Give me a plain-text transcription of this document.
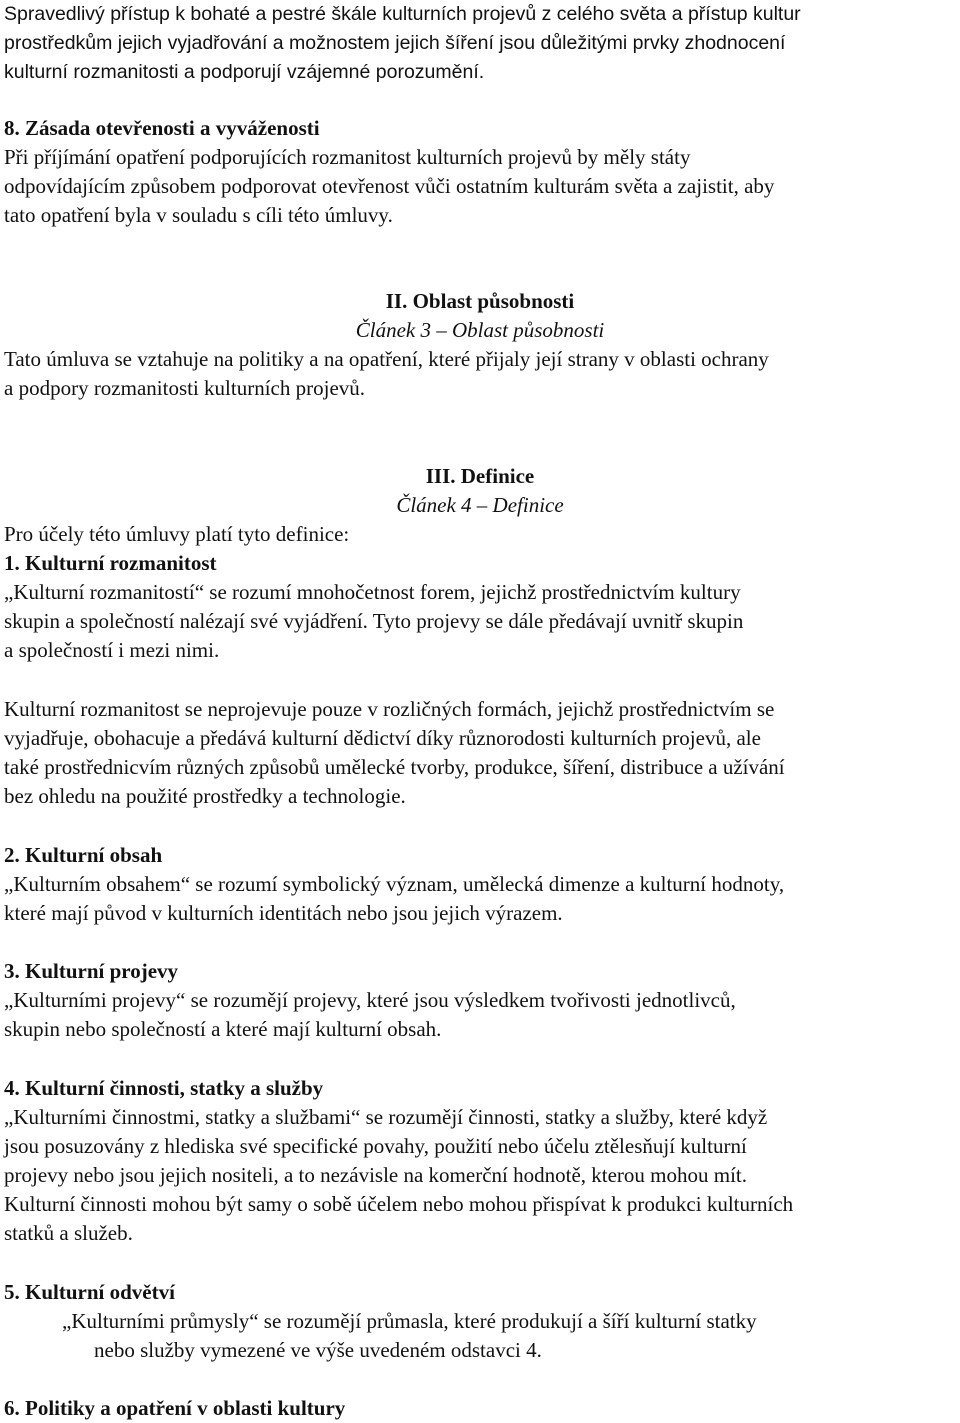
Spravedlivý přístup k bohaté a pestré škále kulturních projevů z celého světa a přístup kultur

prostředkům jejich vyjadřování a možnostem jejich šíření jsou důležitými prvky zhodnocení

kulturní rozmanitosti a podporují vzájemné porozumění.

8. Zásada otevřenosti a vyváženosti

Při příjímání opatření podporujících rozmanitost kulturních projevů by měly státy

odpovídajícím způsobem podporovat otevřenost vůči ostatním kulturám světa a zajistit, aby

tato opatření byla v souladu s cíli této úmluvy.

II. Oblast působnosti

Článek 3 – Oblast působnosti

Tato úmluva se vztahuje na politiky a na opatření, které přijaly její strany v oblasti ochrany

a podpory rozmanitosti kulturních projevů.

III. Definice

Článek 4 – Definice

Pro účely této úmluvy platí tyto definice:

1. Kulturní rozmanitost

„Kulturní rozmanitostí“ se rozumí mnohočetnost forem, jejichž prostřednictvím kultury

skupin a společností nalézají své vyjádření. Tyto projevy se dále předávají uvnitř skupin

a společností i mezi nimi.

Kulturní rozmanitost se neprojevuje pouze v rozličných formách, jejichž prostřednictvím se

vyjadřuje, obohacuje a předává kulturní dědictví díky různorodosti kulturních projevů, ale

také prostřednicvím různých způsobů umělecké tvorby, produkce, šíření, distribuce a užívání

bez ohledu na použité prostředky a technologie.

2. Kulturní obsah

„Kulturním obsahem“ se rozumí symbolický význam, umělecká dimenze a kulturní hodnoty,

které mají původ v kulturních identitách nebo jsou jejich výrazem.

3. Kulturní projevy

„Kulturními projevy“ se rozumějí projevy, které jsou výsledkem tvořivosti jednotlivců,

skupin nebo společností a které mají kulturní obsah.

4. Kulturní činnosti, statky a služby

„Kulturními činnostmi, statky a službami“ se rozumějí činnosti, statky a služby, které když

jsou posuzovány z hlediska své specifické povahy, použití nebo účelu ztělesňují kulturní

projevy nebo jsou jejich nositeli, a to nezávisle na komerční hodnotě, kterou mohou mít.

Kulturní činnosti mohou být samy o sobě účelem nebo mohou přispívat k produkci kulturních

statků a služeb.

5. Kulturní odvětví

„Kulturními průmysly“ se rozumějí průmasla, které produkují a šíří kulturní statky

nebo služby vymezené ve výše uvedeném odstavci 4.

6. Politiky a opatření v oblasti kultury
